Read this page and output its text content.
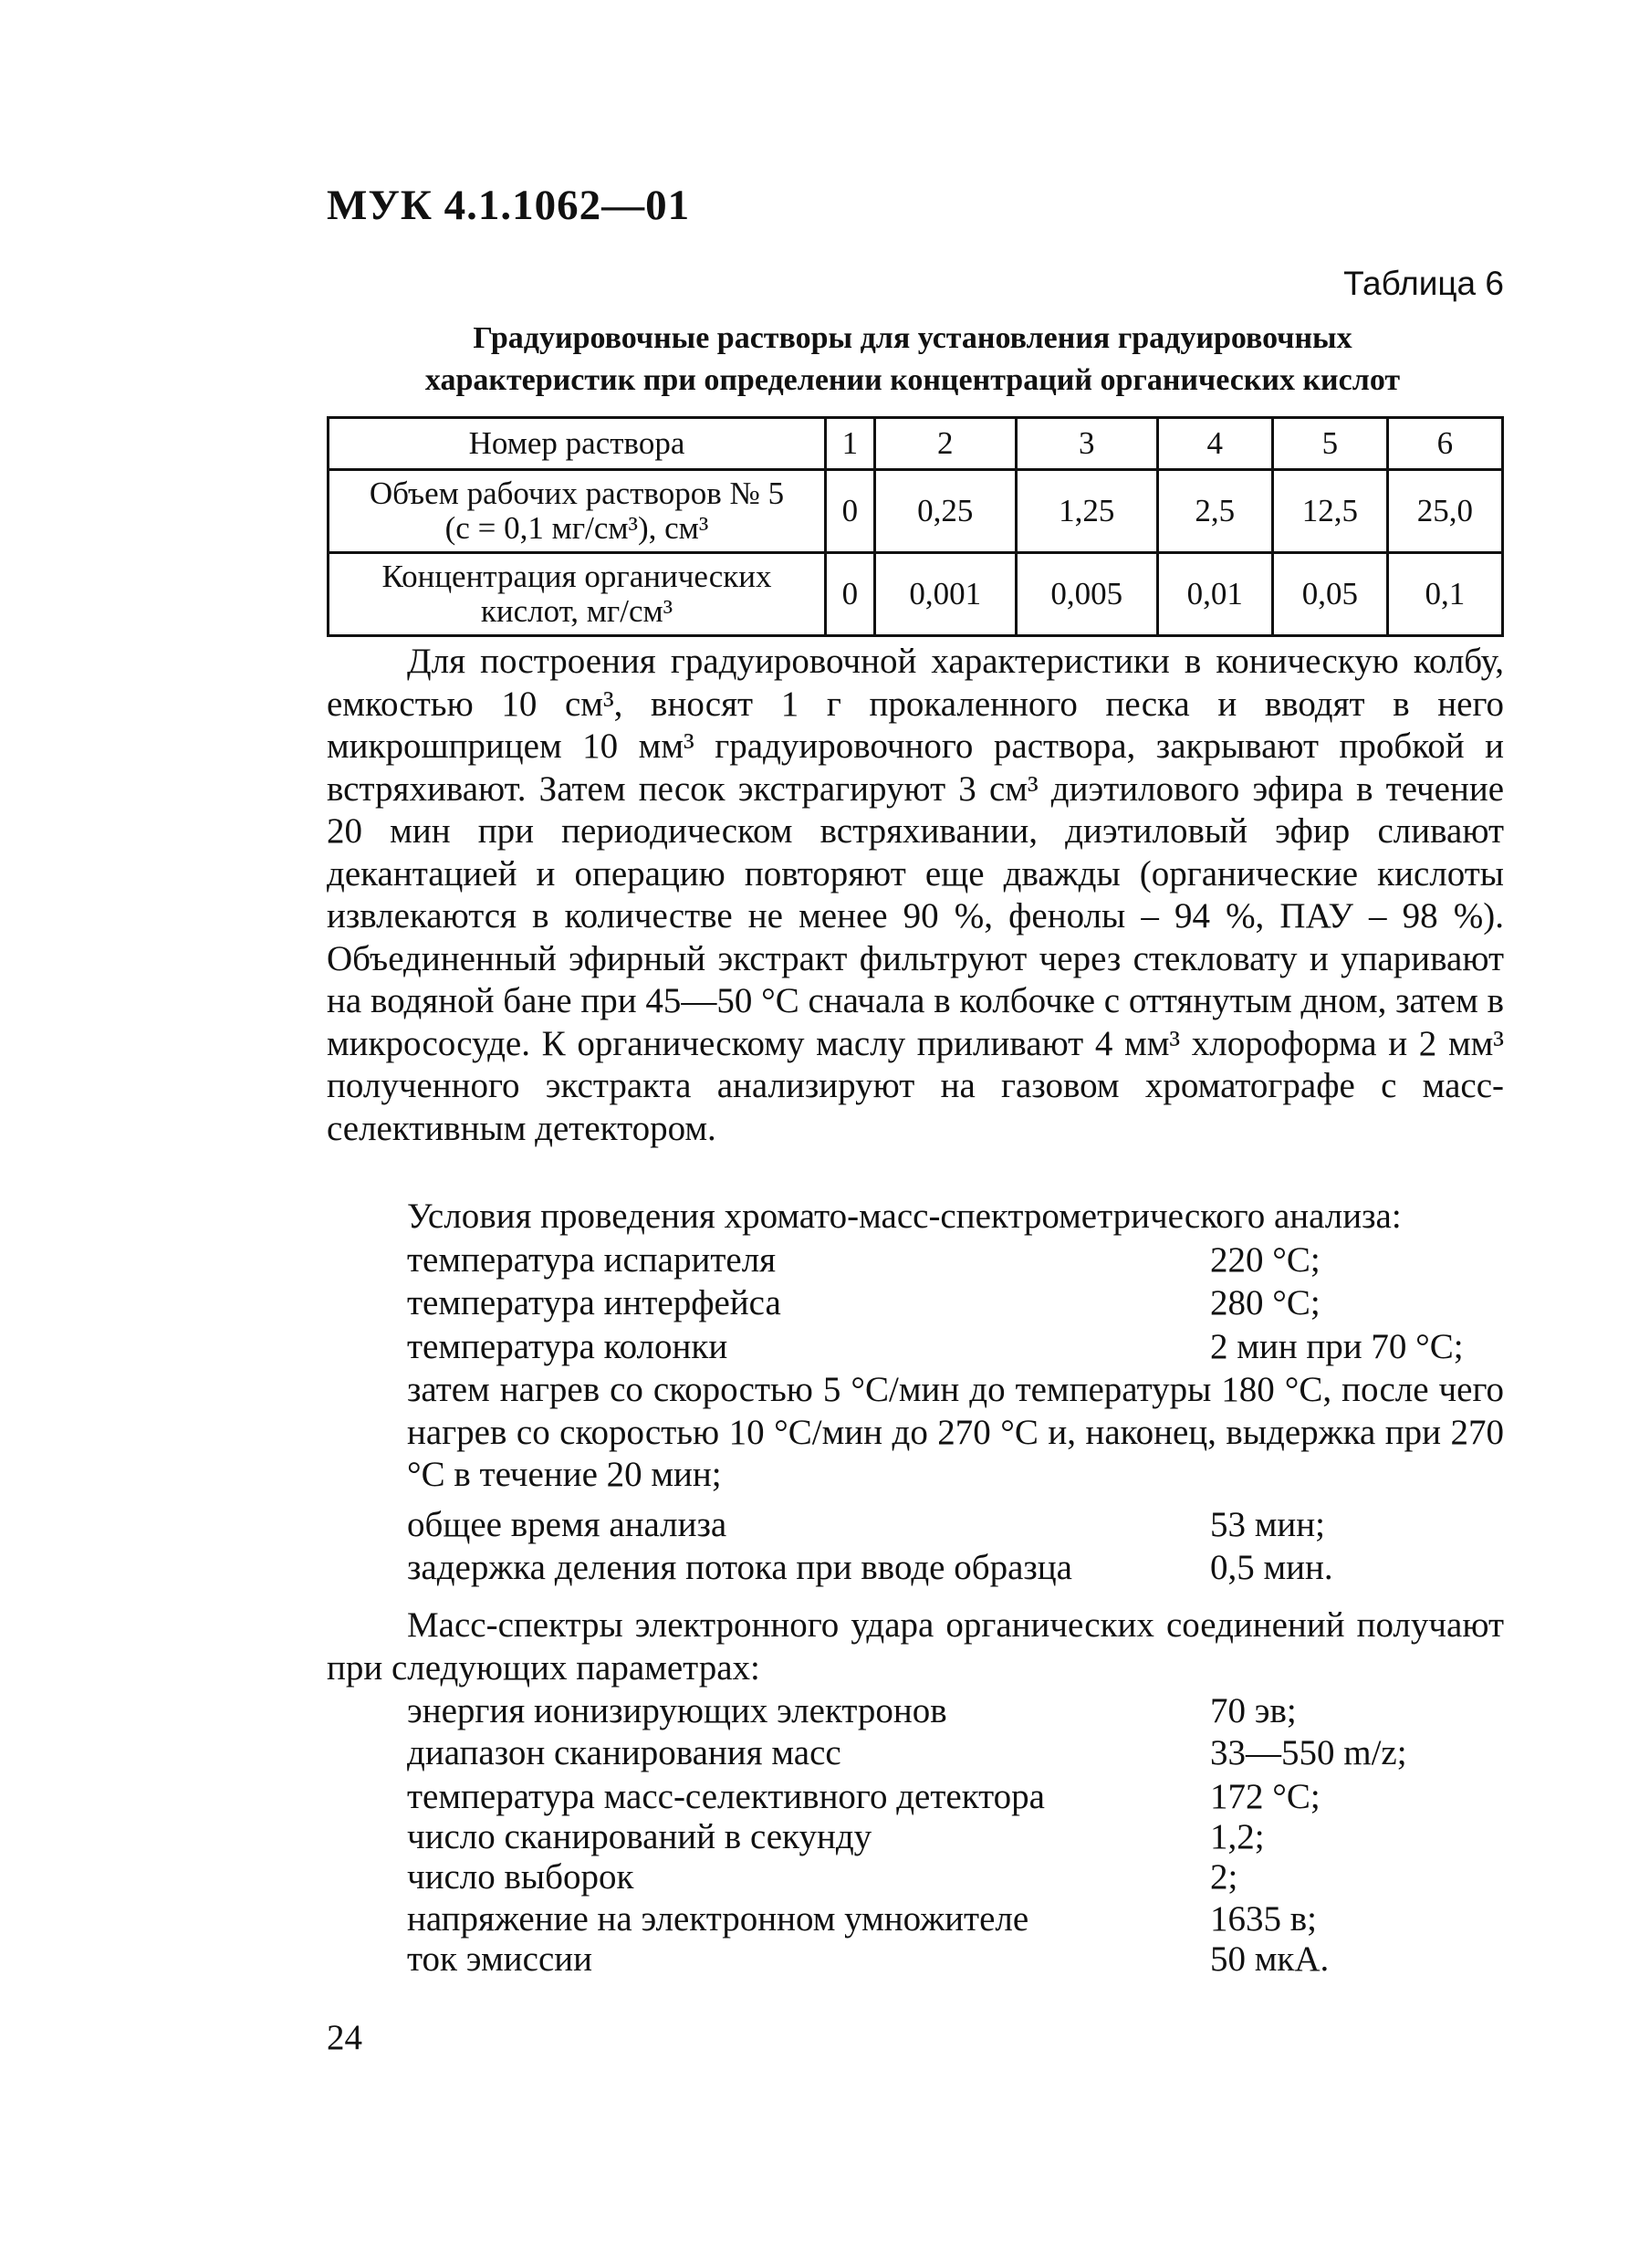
МУК 4.1.1062—01
Таблица 6
Градуировочные растворы для установления градуировочных
характеристик при определении концентраций органических кислот
Номер раствора	1	2	3	4	5	6

Объем рабочих растворов № 5
(с = 0,1 мг/см³), см³	0	0,25	1,25	2,5	12,5	25,0

Концентрация органических
кислот, мг/см³	0	0,001	0,005	0,01	0,05	0,1

Для построения градуировочной характеристики в коническую колбу, емкостью 10 см³, вносят 1 г прокаленного песка и вводят в него микрошприцем 10 мм³ градуировочного раствора, закрывают пробкой и встряхивают. Затем песок экстрагируют 3 см³ диэтилового эфира в течение 20 мин при периодическом встряхивании, диэтиловый эфир сливают декантацией и операцию повторяют еще дважды (органические кислоты извлекаются в количестве не менее 90 %, фенолы – 94 %, ПАУ – 98 %). Объединенный эфирный экстракт фильтруют через стекловату и упаривают на водяной бане при 45—50 °С сначала в колбочке с оттянутым дном, затем в микрососуде. К органическому маслу приливают 4 мм³ хлороформа и 2 мм³ полученного экстракта анализируют на газовом хроматографе с масс-селективным детектором.

Условия проведения хромато-масс-спектрометрического анализа:
температура испарителя	220 °С;
температура интерфейса	280 °С;
температура колонки	2 мин при 70 °С;

затем нагрев со скоростью 5 °С/мин до температуры 180 °С, после чего нагрев со скоростью 10 °С/мин до 270 °С и, наконец, выдержка при 270 °С в течение 20 мин;

общее время анализа	53 мин;
задержка деления потока при вводе образца	0,5 мин.

Масс-спектры электронного удара органических соединений получают при следующих параметрах:

энергия ионизирующих электронов	70 эв;
диапазон сканирования масс	33—550 m/z;
температура масс-селективного детектора	172 °С;
число сканирований в секунду	1,2;
число выборок	2;
напряжение на электронном умножителе	1635 в;
ток эмиссии	50 мкА.
24
